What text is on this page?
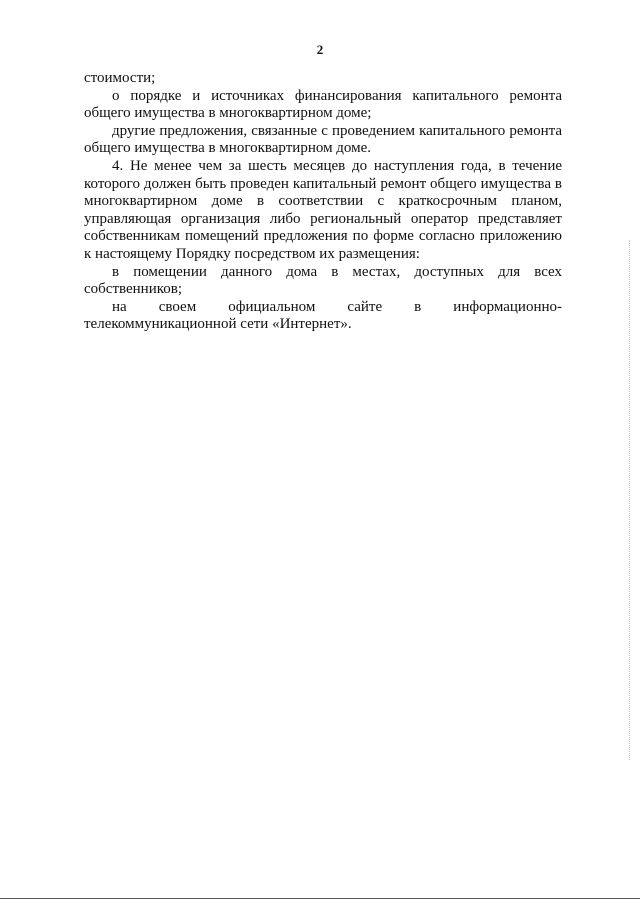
2

стоимости;

о порядке и источниках финансирования капитального ремонта общего имущества в многоквартирном доме;

другие предложения, связанные с проведением капитального ремонта общего имущества в многоквартирном доме.

4. Не менее чем за шесть месяцев до наступления года, в течение которого должен быть проведен капитальный ремонт общего имущества в многоквартирном доме в соответствии с краткосрочным планом, управляющая организация либо региональный оператор представляет собственникам помещений предложения по форме согласно приложению к настоящему Порядку посредством их размещения:

в помещении данного дома в местах, доступных для всех собственников;

на своем официальном сайте в информационно-телекоммуникационной сети «Интернет».
